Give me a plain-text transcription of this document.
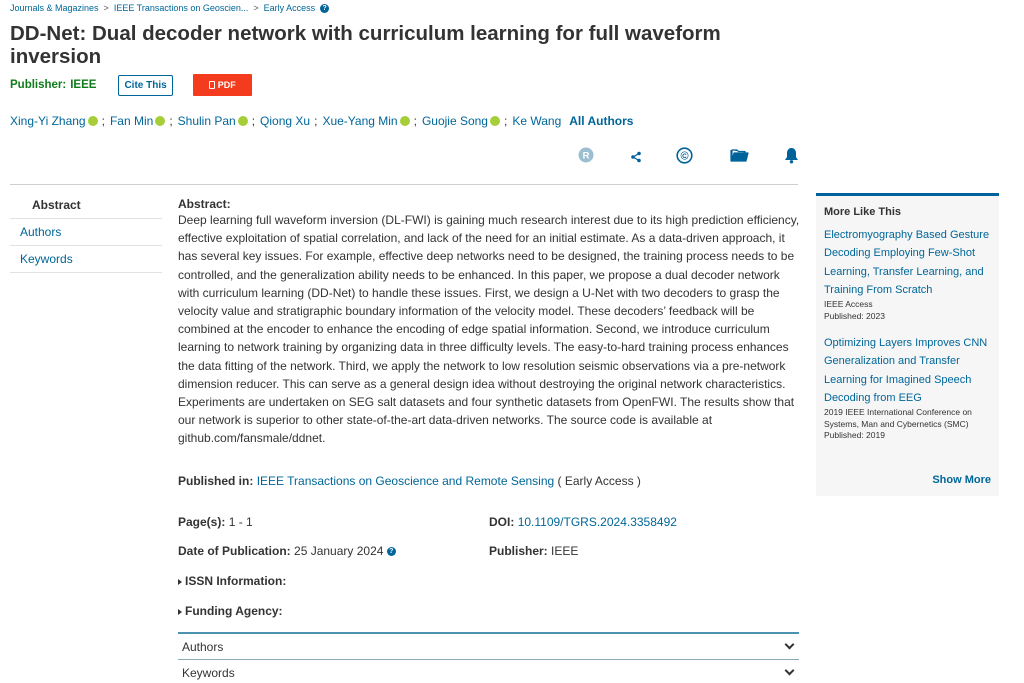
Journals & Magazines > IEEE Transactions on Geoscien... > Early Access	?
DD-Net: Dual decoder network with curriculum learning for full waveform inversion
Publisher: IEEE	Cite This	PDF
Xing-Yi Zhang ; Fan Min ; Shulin Pan ; Qiong Xu ; Xue-Yang Min ; Guojie Song ; Ke Wang All Authors
R	©
Abstract
Authors
Keywords
Abstract:
Deep learning full waveform inversion (DL-FWI) is gaining much research interest due to its high prediction efficiency, effective exploitation of spatial correlation, and lack of the need for an initial estimate. As a data-driven approach, it has several key issues. For example, effective deep networks need to be designed, the training process needs to be controlled, and the generalization ability needs to be enhanced. In this paper, we propose a dual decoder network with curriculum learning (DD-Net) to handle these issues. First, we design a U-Net with two decoders to grasp the velocity value and stratigraphic boundary information of the velocity model. These decoders’ feedback will be combined at the encoder to enhance the encoding of edge spatial information. Second, we introduce curriculum learning to network training by organizing data in three difficulty levels. The easy-to-hard training process enhances the data fitting of the network. Third, we apply the network to low resolution seismic observations via a pre-network dimension reducer. This can serve as a general design idea without destroying the original network characteristics. Experiments are undertaken on SEG salt datasets and four synthetic datasets from OpenFWI. The results show that our network is superior to other state-of-the-art data-driven networks. The source code is available at github.com/fansmale/ddnet.
Published in: IEEE Transactions on Geoscience and Remote Sensing ( Early Access )
Page(s): 1 - 1	DOI: 10.1109/TGRS.2024.3358492
Date of Publication: 25 January 2024 ?	Publisher: IEEE
ISSN Information:
Funding Agency:
Authors
Keywords
More Like This
Electromyography Based Gesture Decoding Employing Few-Shot Learning, Transfer Learning, and Training From Scratch
IEEE Access
Published: 2023
Optimizing Layers Improves CNN Generalization and Transfer Learning for Imagined Speech Decoding from EEG
2019 IEEE International Conference on Systems, Man and Cybernetics (SMC)
Published: 2019
Show More
